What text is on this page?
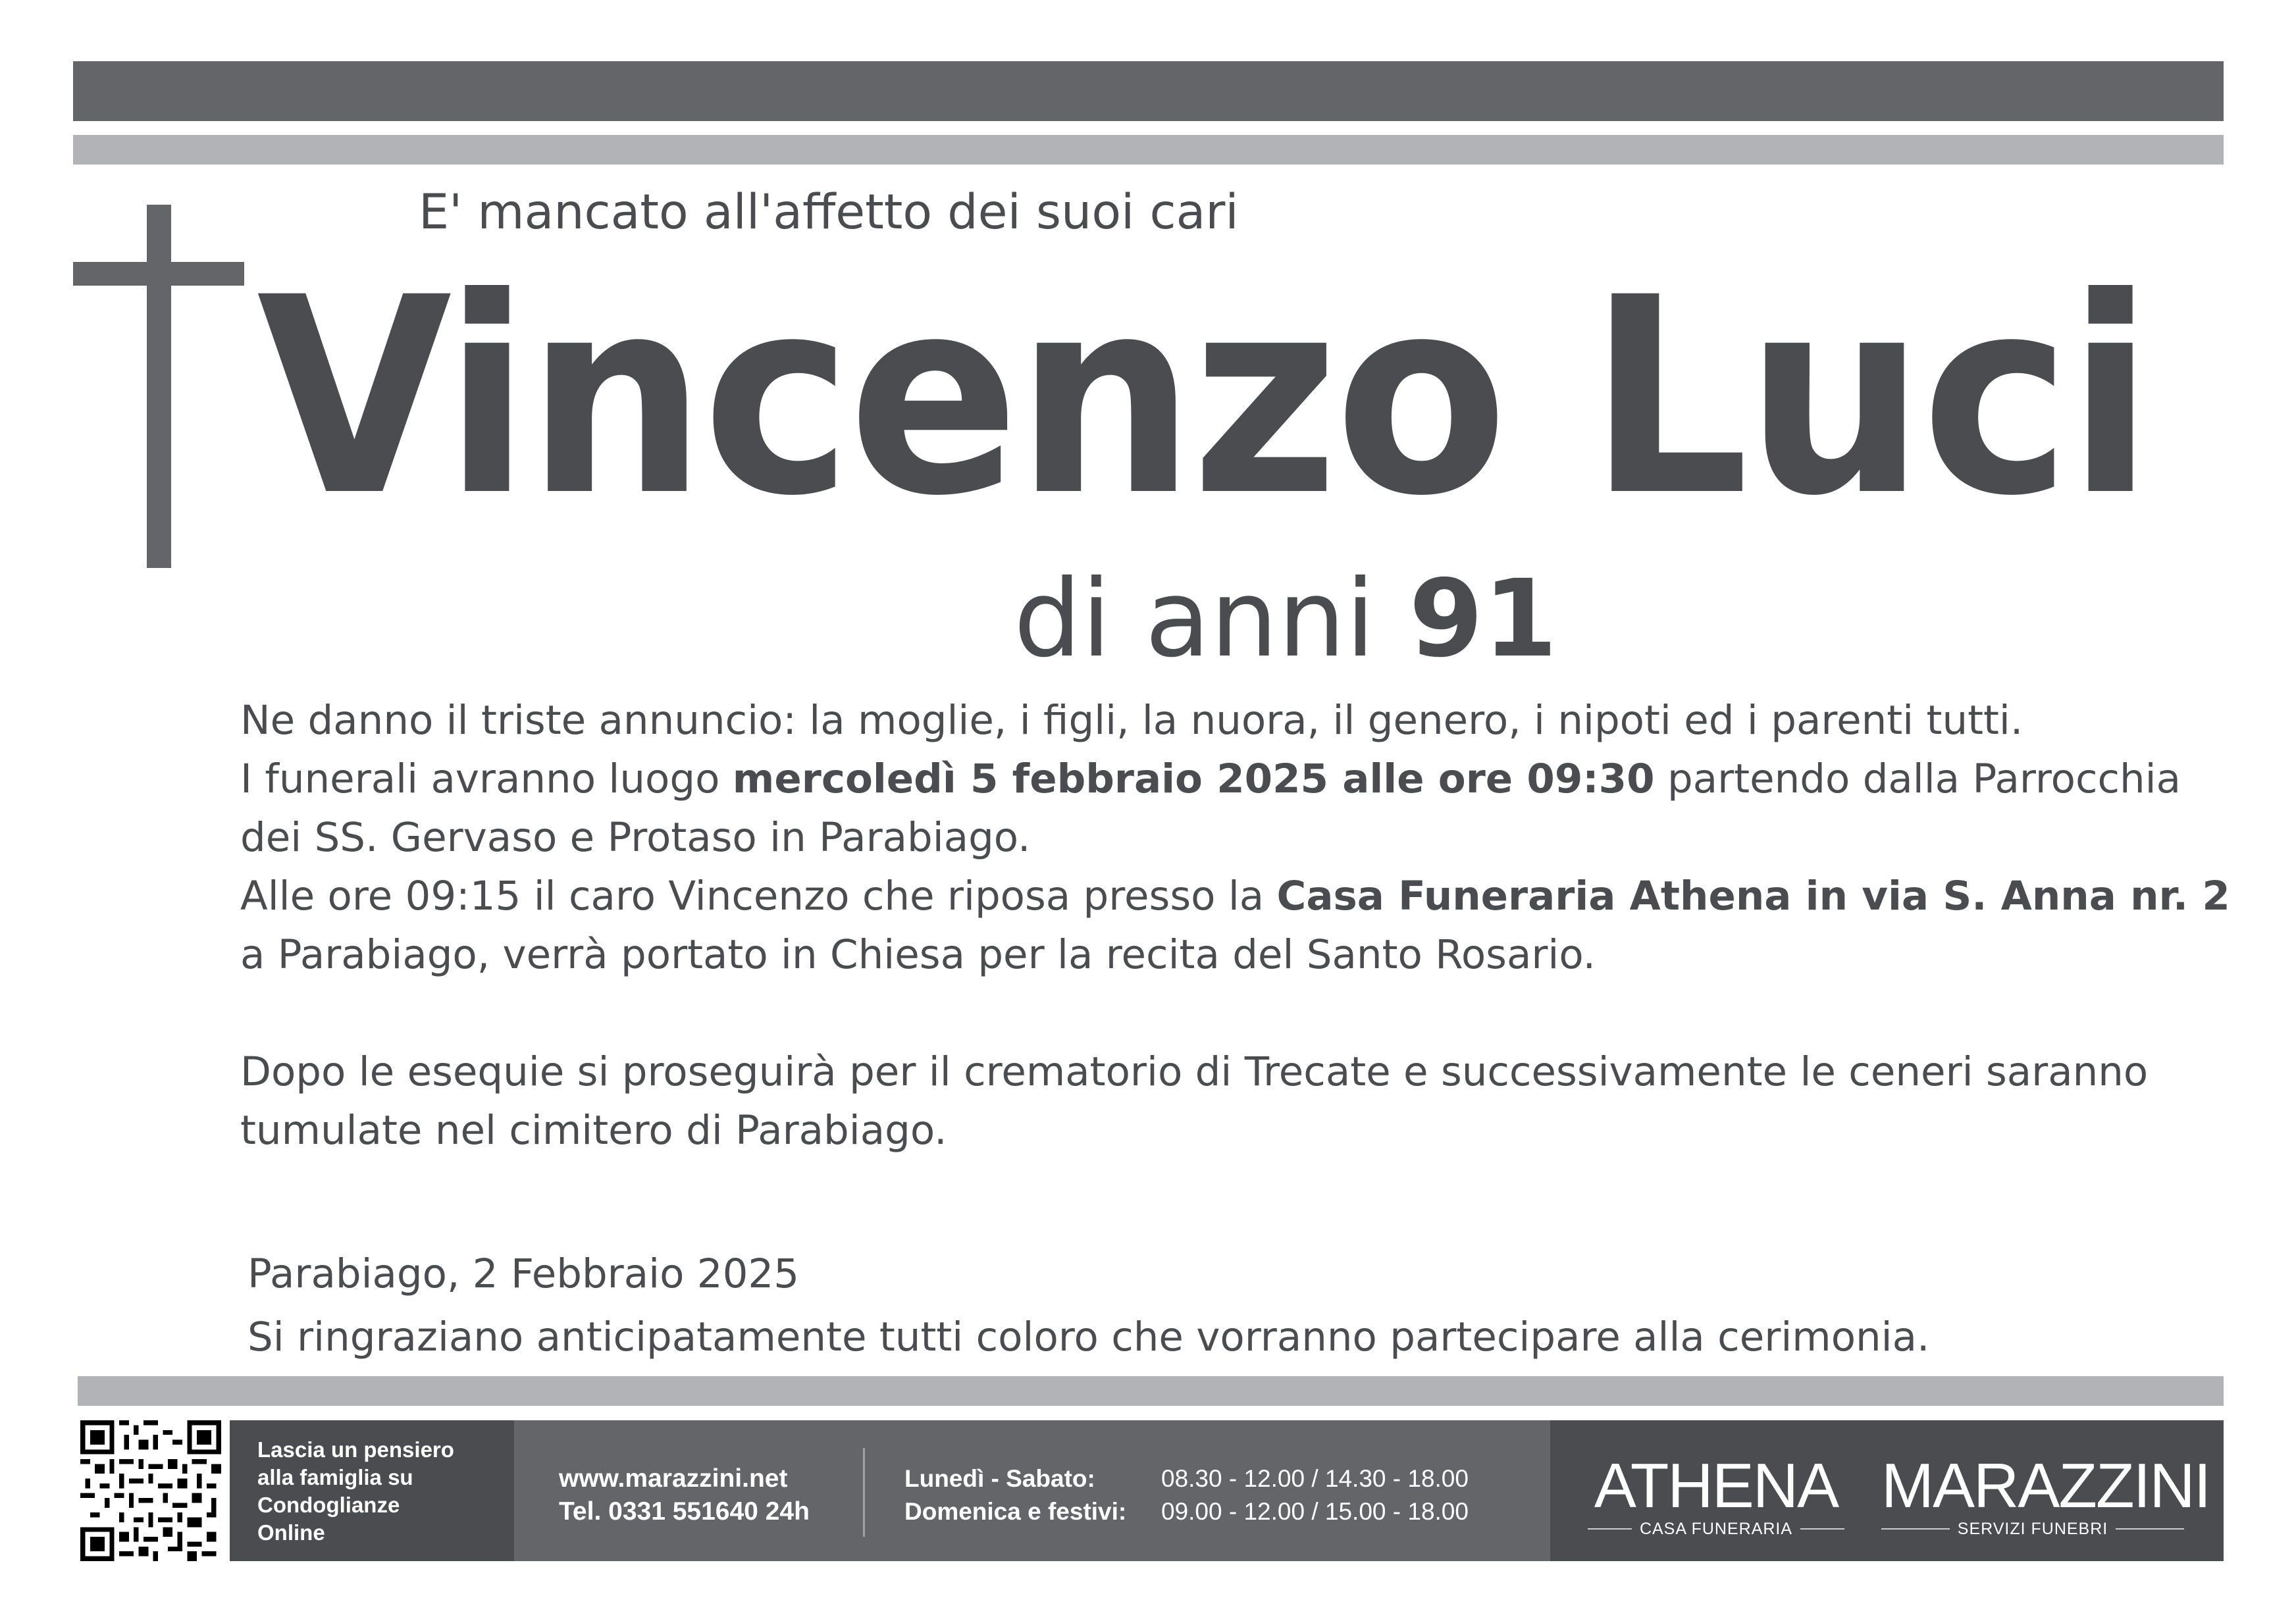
E' mancato all'affetto dei suoi cari
Vincenzo Luci
di anni 91

Ne danno il triste annuncio: la moglie, i figli, la nuora, il genero, i nipoti ed i parenti tutti.

I funerali avranno luogo mercoledì 5 febbraio 2025 alle ore 09:30 partendo dalla Parrocchia

dei SS. Gervaso e Protaso in Parabiago.

Alle ore 09:15 il caro Vincenzo che riposa presso la Casa Funeraria Athena in via S. Anna nr. 2

a Parabiago, verrà portato in Chiesa per la recita del Santo Rosario.

Dopo le esequie si proseguirà per il crematorio di Trecate e successivamente le ceneri saranno

tumulate nel cimitero di Parabiago.

Parabiago, 2 Febbraio 2025
Si ringraziano anticipatamente tutti coloro che vorranno partecipare alla cerimonia.
Lascia un pensiero
alla famiglia su
Condoglianze
Online
www.marazzini.net
Tel. 0331 551640 24h
Lunedì - Sabato:	08.30 - 12.00 / 14.30 - 18.00
Domenica e festivi: 09.00 - 12.00 / 15.00 - 18.00 ATHENA
CASA FUNERARIA
MARAZZINI
SERVIZI FUNEBRI
